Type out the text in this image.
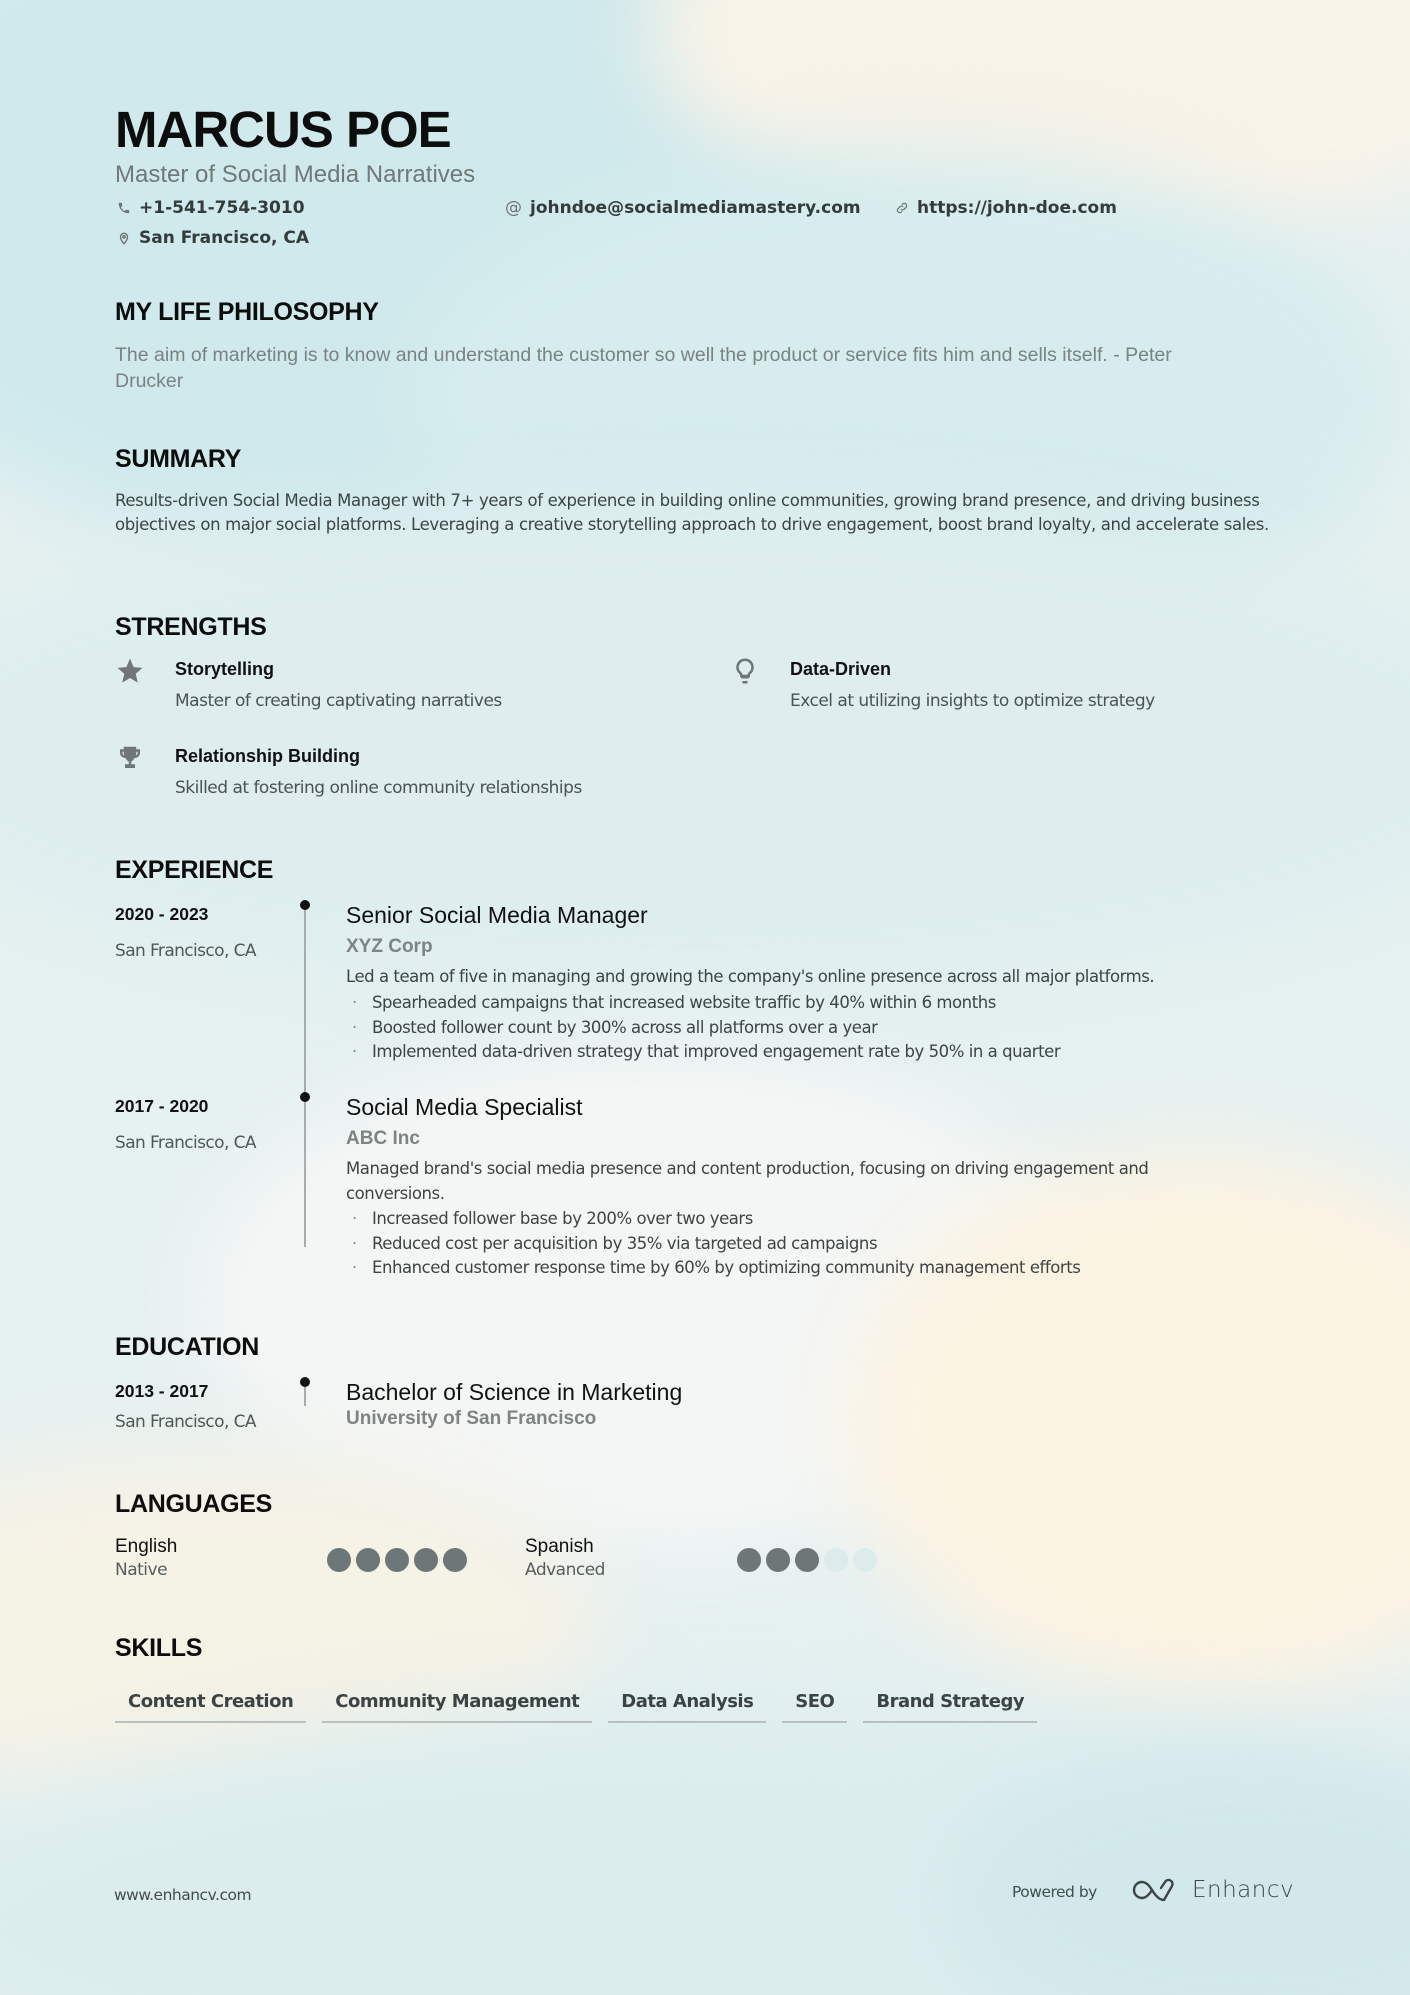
MARCUS POE
Master of Social Media Narratives
+1-541-754-3010	@ johndoe@socialmediamastery.com	https://john-doe.com
San Francisco, CA
MY LIFE PHILOSOPHY
The aim of marketing is to know and understand the customer so well the product or service fits him and sells itself. - Peter Drucker
SUMMARY
Results-driven Social Media Manager with 7+ years of experience in building online communities, growing brand presence, and driving business objectives on major social platforms. Leveraging a creative storytelling approach to drive engagement, boost brand loyalty, and accelerate sales.
STRENGTHS
Storytelling
Master of creating captivating narratives
Data-Driven
Excel at utilizing insights to optimize strategy
Relationship Building
Skilled at fostering online community relationships
EXPERIENCE
2020 - 2023
San Francisco, CA
Senior Social Media Manager
XYZ Corp
Led a team of five in managing and growing the company's online presence across all major platforms.
· Spearheaded campaigns that increased website traffic by 40% within 6 months
· Boosted follower count by 300% across all platforms over a year
· Implemented data-driven strategy that improved engagement rate by 50% in a quarter
2017 - 2020
San Francisco, CA
Social Media Specialist
ABC Inc
Managed brand's social media presence and content production, focusing on driving engagement and conversions.
· Increased follower base by 200% over two years
· Reduced cost per acquisition by 35% via targeted ad campaigns
· Enhanced customer response time by 60% by optimizing community management efforts
EDUCATION
2013 - 2017
San Francisco, CA
Bachelor of Science in Marketing
University of San Francisco
LANGUAGES
English
Native
Spanish
Advanced
SKILLS
Content Creation	Community Management	Data Analysis	SEO	Brand Strategy
www.enhancv.com	Powered by	Enhancv
